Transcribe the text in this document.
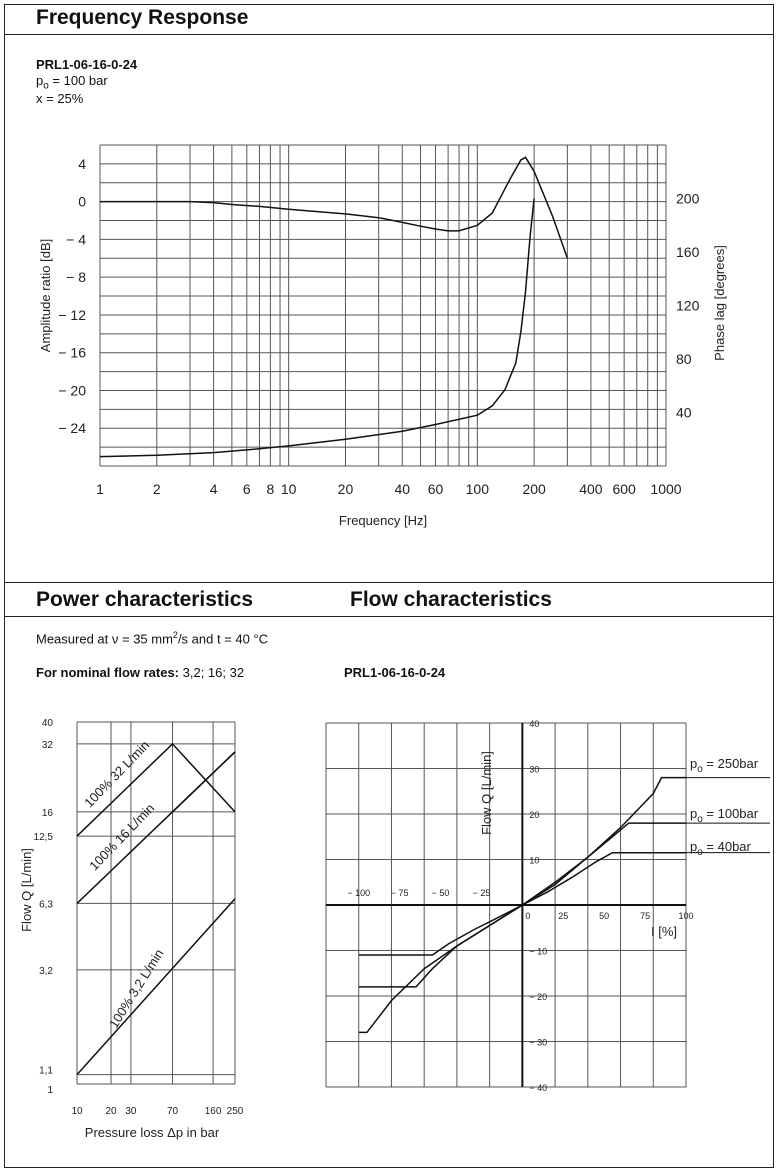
Frequency Response
PRL1-06-16-0-24
$p_o = 100$ bar
x = 25%
Power characteristics	Flow characteristics
Measured at ν = 35 $mm^2/s$ and t = 40 °C
For nominal flow rates: 3,2; 16; 32	PRL1-06-16-0-24
1	2	4 6 8 10	20	40 60 100 200 400 600 1000
4
0
− 4
− 8
− 12
− 16
− 20
− 24
200
160
120
80
40
Frequency [Hz]
Amplitude ratio [dB]	Phase lag [degrees]
10 20 30	70	160 250
1
1,1
3,2
6,3
12,5
16
32
40
Pressure loss Δp in bar
Flow Q [L/min]
100% 32 L/min
100% 16 L/min
100% 3,2 L/min
− 100 − 75	− 50	− 25
0	25	50	75	100
40
30
20
10
− 10
− 20
− 30
− 40
Flow Q [L/min]
I [%]
$p_o = 250bar$
$p_o = 100bar$
$p_o = 40bar$
